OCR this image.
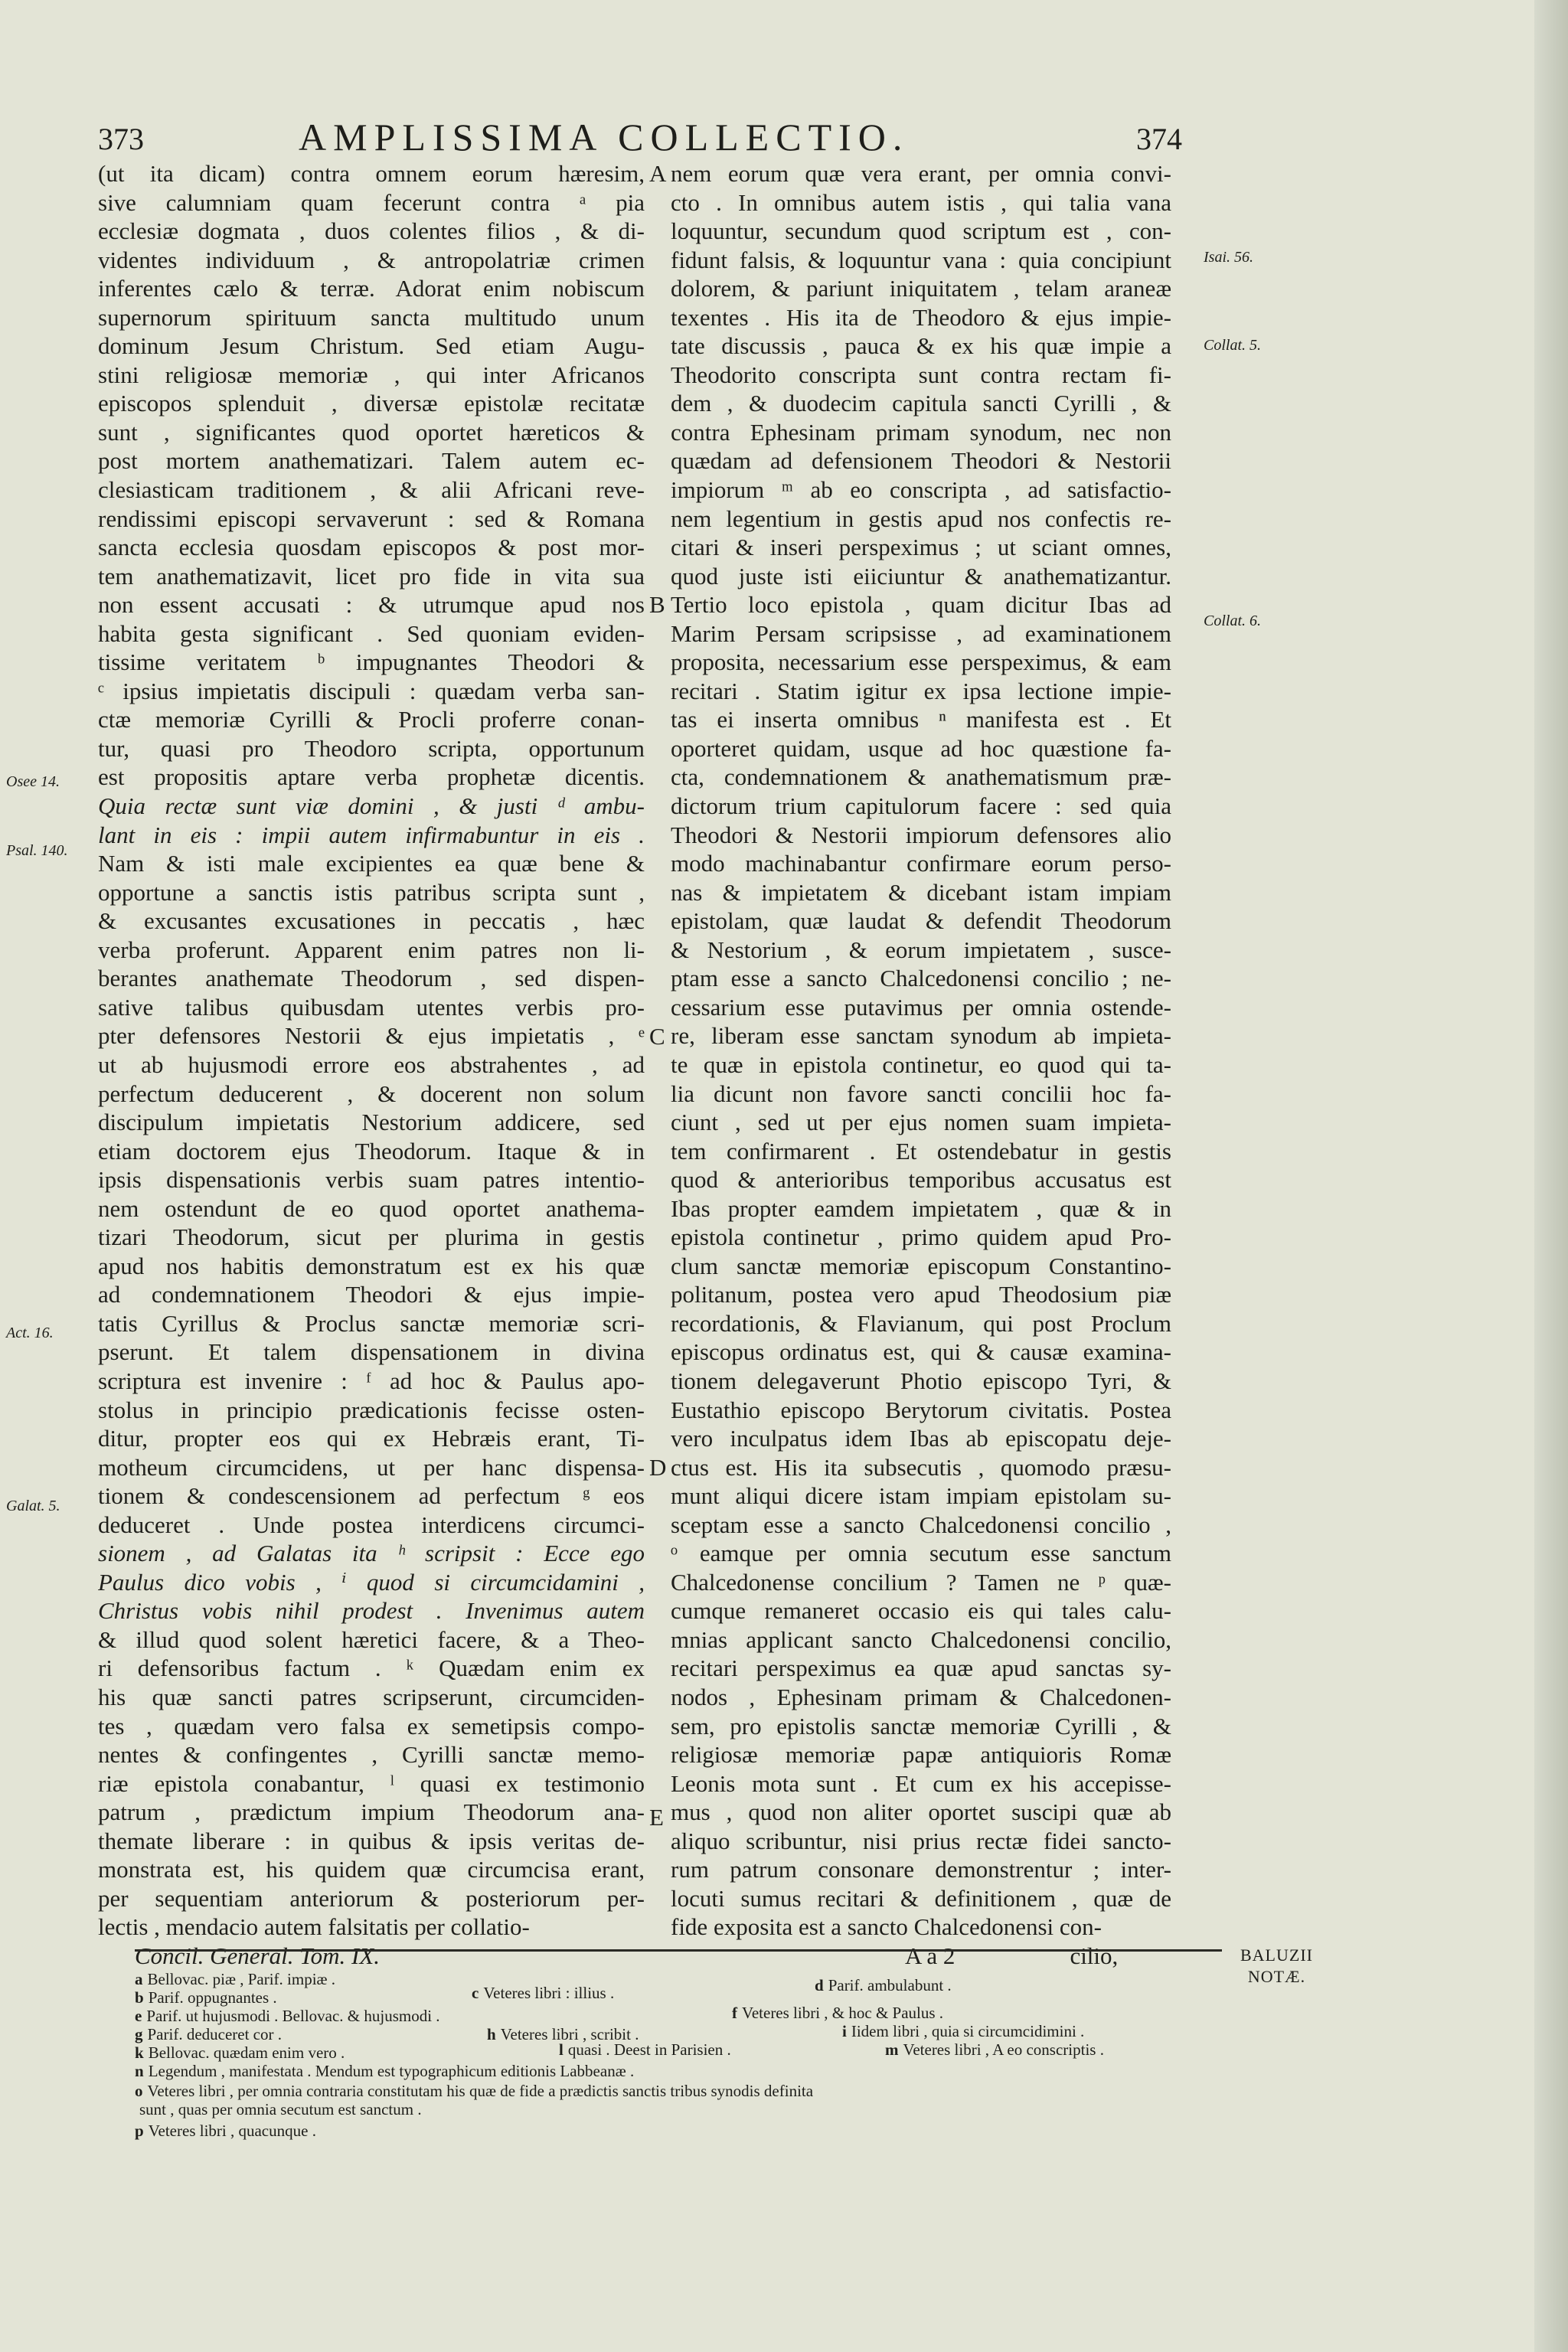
373	AMPLISSIMA COLLECTIO.	374
(ut ita dicam) contra omnem eorum hæresim,
sive calumniam quam fecerunt contra ᵃ pia
ecclesiæ dogmata , duos colentes filios , & di-
videntes individuum , & antropolatriæ crimen
inferentes cælo & terræ. Adorat enim nobiscum
supernorum spirituum sancta multitudo unum
dominum Jesum Christum. Sed etiam Augu-
stini religiosæ memoriæ , qui inter Africanos
episcopos splenduit , diversæ epistolæ recitatæ
sunt , significantes quod oportet hæreticos &
post mortem anathematizari. Talem autem ec-
clesiasticam traditionem , & alii Africani reve-
rendissimi episcopi servaverunt : sed & Romana
sancta ecclesia quosdam episcopos & post mor-
tem anathematizavit, licet pro fide in vita sua
non essent accusati : & utrumque apud nos
habita gesta significant . Sed quoniam eviden-
tissime veritatem ᵇ impugnantes Theodori &
ᶜ ipsius impietatis discipuli : quædam verba san-
ctæ memoriæ Cyrilli & Procli proferre conan-
tur, quasi pro Theodoro scripta, opportunum
est propositis aptare verba prophetæ dicentis.
Quia rectæ sunt viæ domini , & justi ᵈ ambu-
lant in eis : impii autem infirmabuntur in eis .
Nam & isti male excipientes ea quæ bene &
opportune a sanctis istis patribus scripta sunt ,
& excusantes excusationes in peccatis , hæc
verba proferunt. Apparent enim patres non li-
berantes anathemate Theodorum , sed dispen-
sative talibus quibusdam utentes verbis pro-
pter defensores Nestorii & ejus impietatis , ᵉ
ut ab hujusmodi errore eos abstrahentes , ad
perfectum deducerent , & docerent non solum
discipulum impietatis Nestorium addicere, sed
etiam doctorem ejus Theodorum. Itaque & in
ipsis dispensationis verbis suam patres intentio-
nem ostendunt de eo quod oportet anathema-
tizari Theodorum, sicut per plurima in gestis
apud nos habitis demonstratum est ex his quæ
ad condemnationem Theodori & ejus impie-
tatis Cyrillus & Proclus sanctæ memoriæ scri-
pserunt. Et talem dispensationem in divina
scriptura est invenire : ᶠ ad hoc & Paulus apo-
stolus in principio prædicationis fecisse osten-
ditur, propter eos qui ex Hebræis erant, Ti-
motheum circumcidens, ut per hanc dispensa-
tionem & condescensionem ad perfectum ᵍ eos
deduceret . Unde postea interdicens circumci-
sionem , ad Galatas ita ʰ scripsit : Ecce ego
Paulus dico vobis , ⁱ quod si circumcidamini ,
Christus vobis nihil prodest . Invenimus autem
& illud quod solent hæretici facere, & a Theo-
ri defensoribus factum . ᵏ Quædam enim ex
his quæ sancti patres scripserunt, circumciden-
tes , quædam vero falsa ex semetipsis compo-
nentes & confingentes , Cyrilli sanctæ memo-
riæ epistola conabantur, ˡ quasi ex testimonio
patrum , prædictum impium Theodorum ana-
themate liberare : in quibus & ipsis veritas de-
monstrata est, his quidem quæ circumcisa erant,
per sequentiam anteriorum & posteriorum per-
lectis , mendacio autem falsitatis per collatio-
Concil. General. Tom. IX.
nem eorum quæ vera erant, per omnia convi-
cto . In omnibus autem istis , qui talia vana
loquuntur, secundum quod scriptum est , con-
fidunt falsis, & loquuntur vana : quia concipiunt
dolorem, & pariunt iniquitatem , telam araneæ
texentes . His ita de Theodoro & ejus impie-
tate discussis , pauca & ex his quæ impie a
Theodorito conscripta sunt contra rectam fi-
dem , & duodecim capitula sancti Cyrilli , &
contra Ephesinam primam synodum, nec non
quædam ad defensionem Theodori & Nestorii
impiorum ᵐ ab eo conscripta , ad satisfactio-
nem legentium in gestis apud nos confectis re-
citari & inseri perspeximus ; ut sciant omnes,
quod juste isti eiiciuntur & anathematizantur.
Tertio loco epistola , quam dicitur Ibas ad
Marim Persam scripsisse , ad examinationem
proposita, necessarium esse perspeximus, & eam
recitari . Statim igitur ex ipsa lectione impie-
tas ei inserta omnibus ⁿ manifesta est . Et
oporteret quidam, usque ad hoc quæstione fa-
cta, condemnationem & anathematismum præ-
dictorum trium capitulorum facere : sed quia
Theodori & Nestorii impiorum defensores alio
modo machinabantur confirmare eorum perso-
nas & impietatem & dicebant istam impiam
epistolam, quæ laudat & defendit Theodorum
& Nestorium , & eorum impietatem , susce-
ptam esse a sancto Chalcedonensi concilio ; ne-
cessarium esse putavimus per omnia ostende-
re, liberam esse sanctam synodum ab impieta-
te quæ in epistola continetur, eo quod qui ta-
lia dicunt non favore sancti concilii hoc fa-
ciunt , sed ut per ejus nomen suam impieta-
tem confirmarent . Et ostendebatur in gestis
quod & anterioribus temporibus accusatus est
Ibas propter eamdem impietatem , quæ & in
epistola continetur , primo quidem apud Pro-
clum sanctæ memoriæ episcopum Constantino-
politanum, postea vero apud Theodosium piæ
recordationis, & Flavianum, qui post Proclum
episcopus ordinatus est, qui & causæ examina-
tionem delegaverunt Photio episcopo Tyri, &
Eustathio episcopo Berytorum civitatis. Postea
vero inculpatus idem Ibas ab episcopatu deje-
ctus est. His ita subsecutis , quomodo præsu-
munt aliqui dicere istam impiam epistolam su-
sceptam esse a sancto Chalcedonensi concilio ,
ᵒ eamque per omnia secutum esse sanctum
Chalcedonense concilium ? Tamen ne ᵖ quæ-
cumque remaneret occasio eis qui tales calu-
mnias applicant sancto Chalcedonensi concilio,
recitari perspeximus ea quæ apud sanctas sy-
nodos , Ephesinam primam & Chalcedonen-
sem, pro epistolis sanctæ memoriæ Cyrilli , &
religiosæ memoriæ papæ antiquioris Romæ
Leonis mota sunt . Et cum ex his accepisse-
mus , quod non aliter oportet suscipi quæ ab
aliquo scribuntur, nisi prius rectæ fidei sancto-
rum patrum consonare demonstrentur ; inter-
locuti sumus recitari & definitionem , quæ de
fide exposita est a sancto Chalcedonensi con-
A a 2	cilio,
A
B
C
D
E
Osee 14.
Psal. 140.
Act. 16.
Galat. 5.
Isai. 56.
Collat. 5.
Collat. 6.
BALUZII
NOTÆ.
a Bellovac. piæ , Parif. impiæ .
b Parif. oppugnantes .	c Veteres libri : illius .	d Parif. ambulabunt .
e Parif. ut hujusmodi . Bellovac. & hujusmodi .	f Veteres libri , & hoc & Paulus .
g Parif. deduceret cor .	h Veteres libri , scribit .	i Iidem libri , quia si circumcidimini .
k Bellovac. quædam enim vero .	l quasi . Deest in Parisien .	m Veteres libri , A eo conscriptis .
n Legendum , manifestata . Mendum est typographicum editionis Labbeanæ .
o Veteres libri , per omnia contraria constitutam his quæ de fide a prædictis sanctis tribus synodis definita
sunt , quas per omnia secutum est sanctum .
p Veteres libri , quacunque .
